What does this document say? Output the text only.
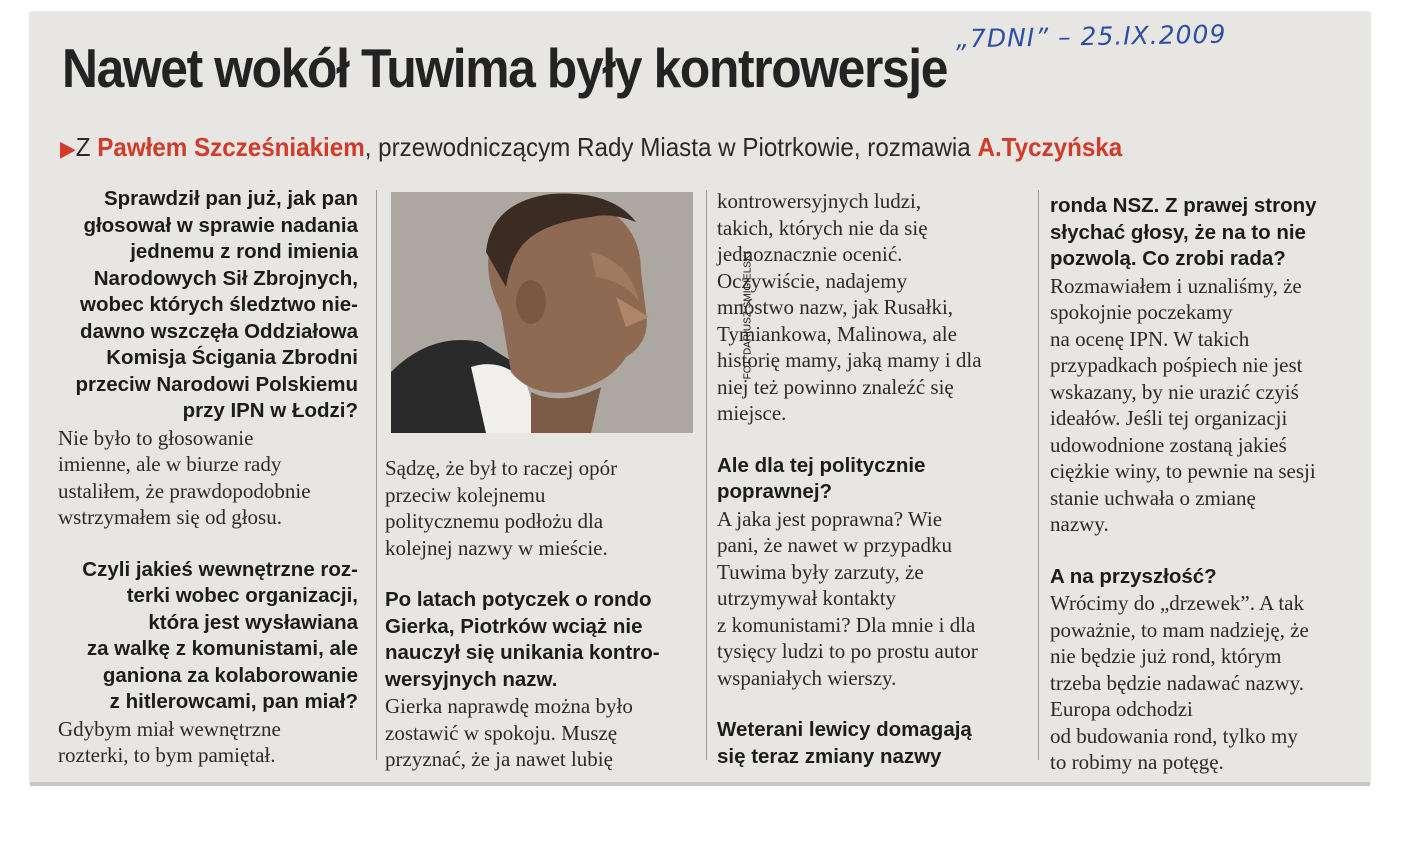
„7DNI” – 25.IX.2009
Nawet wokół Tuwima były kontrowersje
▶Z Pawłem Szcześniakiem, przewodniczącym Rady Miasta w Piotrkowie, rozmawia A.Tyczyńska
FOT. DARIUSZ ŚMIGIELSKI

Sprawdził pan już, jak pan
głosował w sprawie nadania
jednemu z rond imienia
Narodowych Sił Zbrojnych,
wobec których śledztwo nie-
dawno wszczęła Oddziałowa
Komisja Ścigania Zbrodni
przeciw Narodowi Polskiemu
przy IPN w Łodzi?

Nie było to głosowanie
imienne, ale w biurze rady
ustaliłem, że prawdopodobnie
wstrzymałem się od głosu.

Czyli jakieś wewnętrzne roz-
terki wobec organizacji,
która jest wysławiana
za walkę z komunistami, ale
ganiona za kolaborowanie
z hitlerowcami, pan miał?

Gdybym miał wewnętrzne
rozterki, to bym pamiętał.

Sądzę, że był to raczej opór
przeciw kolejnemu
politycznemu podłożu dla
kolejnej nazwy w mieście.

Po latach potyczek o rondo
Gierka, Piotrków wciąż nie
nauczył się unikania kontro-
wersyjnych nazw.

Gierka naprawdę można było
zostawić w spokoju. Muszę
przyznać, że ja nawet lubię

kontrowersyjnych ludzi,
takich, których nie da się
jednoznacznie ocenić.
Oczywiście, nadajemy
mnóstwo nazw, jak Rusałki,
Tymiankowa, Malinowa, ale
historię mamy, jaką mamy i dla
niej też powinno znaleźć się
miejsce.

Ale dla tej politycznie
poprawnej?

A jaka jest poprawna? Wie
pani, że nawet w przypadku
Tuwima były zarzuty, że
utrzymywał kontakty
z komunistami? Dla mnie i dla
tysięcy ludzi to po prostu autor
wspaniałych wierszy.

Weterani lewicy domagają
się teraz zmiany nazwy

ronda NSZ. Z prawej strony
słychać głosy, że na to nie
pozwolą. Co zrobi rada?

Rozmawiałem i uznaliśmy, że
spokojnie poczekamy
na ocenę IPN. W takich
przypadkach pośpiech nie jest
wskazany, by nie urazić czyiś
ideałów. Jeśli tej organizacji
udowodnione zostaną jakieś
ciężkie winy, to pewnie na sesji
stanie uchwała o zmianę
nazwy.

A na przyszłość?

Wrócimy do „drzewek”. A tak
poważnie, to mam nadzieję, że
nie będzie już rond, którym
trzeba będzie nadawać nazwy.
Europa odchodzi
od budowania rond, tylko my
to robimy na potęgę.
